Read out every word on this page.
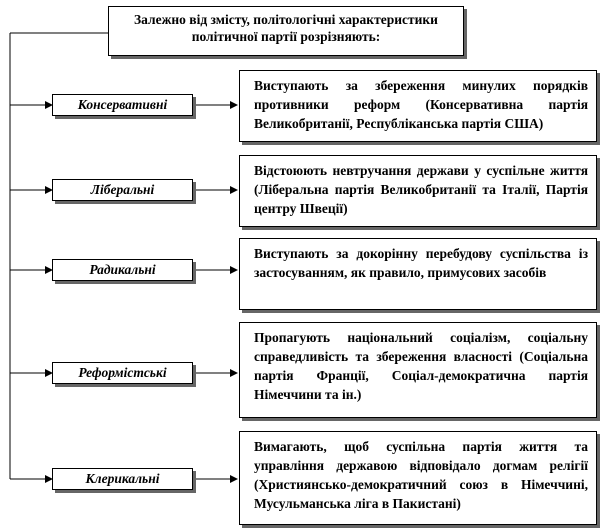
Залежно від змісту, політологічні характеристики політичної партії розрізняють:
Консервативні
Виступають за збереження минулих порядків противники реформ (Консервативна партія Великобританії, Республіканська партія США)
Ліберальні
Відстоюють невтручання держави у суспільне життя (Ліберальна партія Великобританії та Італії, Партія центру Швеції)
Радикальні
Виступають за докорінну перебудову суспільства із застосуванням, як правило, примусових засобів
Реформістські
Пропагують національний соціалізм, соціальну справедливість та збереження власності (Соціальна партія Франції, Соціал-демократична партія Німеччини та ін.)
Клерикальні
Вимагають, щоб суспільна партія життя та управління державою відповідало догмам релігії (Християнсько-демократичний союз в Німеччині, Мусульманська ліга в Пакистані)
